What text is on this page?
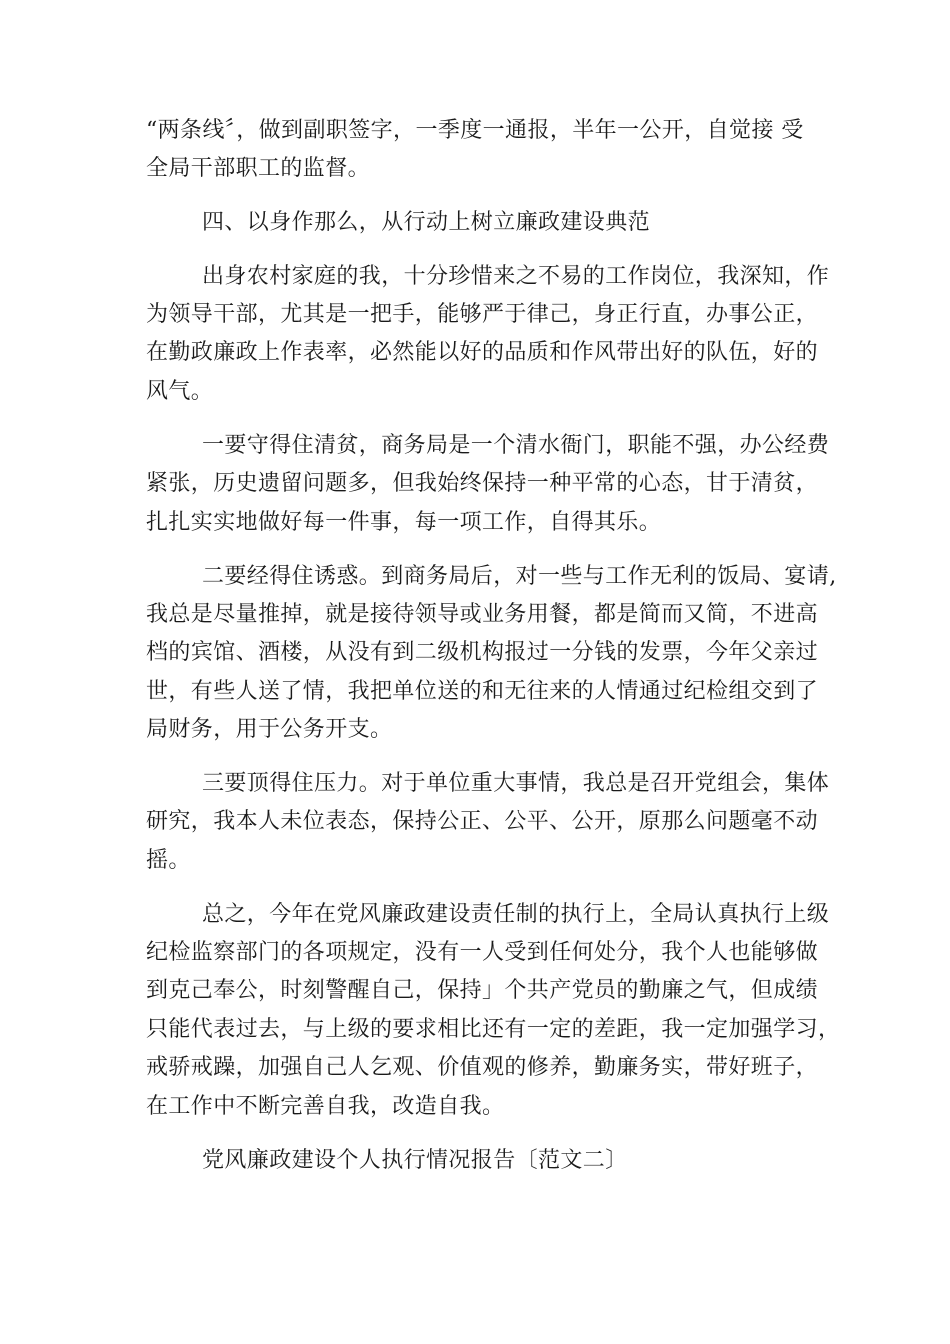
“两条线〞，做到副职签字，一季度一通报，半年一公开，自觉接 受

全局干部职工的监督。

四、以身作那么，从行动上树立廉政建设典范

出身农村家庭的我，十分珍惜来之不易的工作岗位，我深知，作

为领导干部，尤其是一把手，能够严于律己，身正行直，办事公正，

在勤政廉政上作表率，必然能以好的品质和作风带出好的队伍，好的

风气。

一要守得住清贫，商务局是一个清水衙门，职能不强，办公经费

紧张，历史遗留问题多，但我始终保持一种平常的心态，甘于清贫，

扎扎实实地做好每一件事，每一项工作，自得其乐。

二要经得住诱惑。到商务局后，对一些与工作无利的饭局、宴请,

我总是尽量推掉，就是接待领导或业务用餐，都是简而又简，不进高

档的宾馆、酒楼，从没有到二级机构报过一分钱的发票，今年父亲过

世，有些人送了情，我把单位送的和无往来的人情通过纪检组交到了

局财务，用于公务开支。

三要顶得住压力。对于单位重大事情，我总是召开党组会，集体

研究，我本人未位表态，保持公正、公平、公开，原那么问题毫不动

摇。

总之，今年在党风廉政建设责任制的执行上，全局认真执行上级

纪检监察部门的各项规定，没有一人受到任何处分，我个人也能够做

到克己奉公，时刻警醒自己，保持」个共产党员的勤廉之气，但成绩

只能代表过去，与上级的要求相比还有一定的差距，我一定加强学习，

戒骄戒躁，加强自己人乞观、价值观的修养，勤廉务实，带好班子，

在工作中不断完善自我，改造自我。

党风廉政建设个人执行情况报告〔范文二〕
